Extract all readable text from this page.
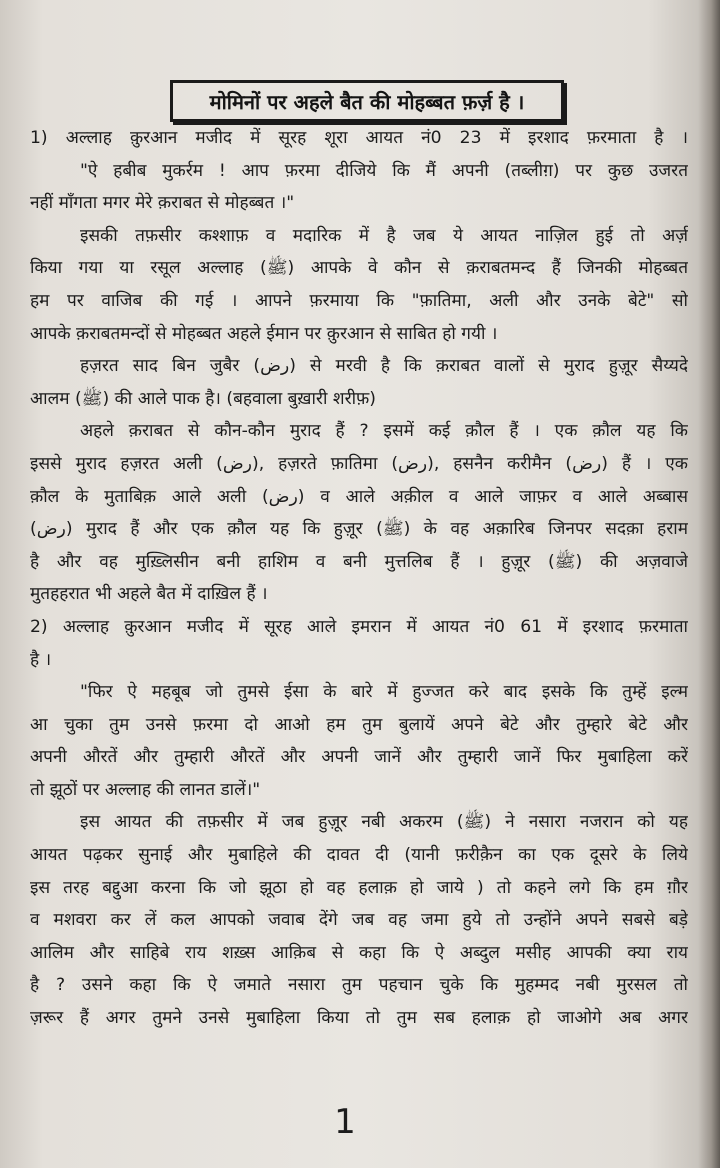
मोमिनों पर अहले बैत की मोहब्बत फ़र्ज़ है ।
1) अल्लाह क़ुरआन मजीद में सूरह शूरा आयत नं0 23 में इरशाद फ़रमाता है ।
"ऐ हबीब मुकर्रम ! आप फ़रमा दीजिये कि मैं अपनी (तब्लीग़) पर कुछ उजरत
नहीं माँगता मगर मेरे क़राबत से मोहब्बत ।"
इसकी तफ़सीर कश्शाफ़ व मदारिक में है जब ये आयत नाज़िल हुई तो अर्ज़
किया गया या रसूल अल्लाह (ﷺ) आपके वे कौन से क़राबतमन्द हैं जिनकी मोहब्बत
हम पर वाजिब की गई । आपने फ़रमाया कि "फ़ातिमा, अली और उनके बेटे" सो
आपके क़राबतमन्दों से मोहब्बत अहले ईमान पर क़ुरआन से साबित हो गयी ।
हज़रत साद बिन जुबैर (رض) से मरवी है कि क़राबत वालों से मुराद हुज़ूर सैय्यदे
आलम (ﷺ) की आले पाक है। (बहवाला बुख़ारी शरीफ़)
अहले क़राबत से कौन-कौन मुराद हैं ? इसमें कई क़ौल हैं । एक क़ौल यह कि
इससे मुराद हज़रत अली (رض), हज़रते फ़ातिमा (رض), हसनैन करीमैन (رض) हैं । एक
क़ौल के मुताबिक़ आले अली (رض) व आले अक़ील व आले जाफ़र व आले अब्बास
(رض) मुराद हैं और एक क़ौल यह कि हुज़ूर (ﷺ) के वह अक़ारिब जिनपर सदक़ा हराम
है और वह मुख़्लिसीन बनी हाशिम व बनी मुत्तलिब हैं । हुज़ूर (ﷺ) की अज़वाजे
मुतहहरात भी अहले बैत में दाख़िल हैं ।
2) अल्लाह क़ुरआन मजीद में सूरह आले इमरान में आयत नं0 61 में इरशाद फ़रमाता
है ।
"फिर ऐ महबूब जो तुमसे ईसा के बारे में हुज्जत करे बाद इसके कि तुम्हें इल्म
आ चुका तुम उनसे फ़रमा दो आओ हम तुम बुलायें अपने बेटे और तुम्हारे बेटे और
अपनी औरतें और तुम्हारी औरतें और अपनी जानें और तुम्हारी जानें फिर मुबाहिला करें
तो झूठों पर अल्लाह की लानत डालें।"
इस आयत की तफ़सीर में जब हुज़ूर नबी अकरम (ﷺ) ने नसारा नजरान को यह
आयत पढ़कर सुनाई और मुबाहिले की दावत दी (यानी फ़रीक़ैन का एक दूसरे के लिये
इस तरह बद्दुआ करना कि जो झूठा हो वह हलाक़ हो जाये ) तो कहने लगे कि हम ग़ौर
व मशवरा कर लें कल आपको जवाब देंगे जब वह जमा हुये तो उन्होंने अपने सबसे बड़े
आलिम और साहिबे राय शख़्स आक़िब से कहा कि ऐ अब्दुल मसीह आपकी क्या राय
है ? उसने कहा कि ऐ जमाते नसारा तुम पहचान चुके कि मुहम्मद नबी मुरसल तो
ज़रूर हैं अगर तुमने उनसे मुबाहिला किया तो तुम सब हलाक़ हो जाओगे अब अगर
1
